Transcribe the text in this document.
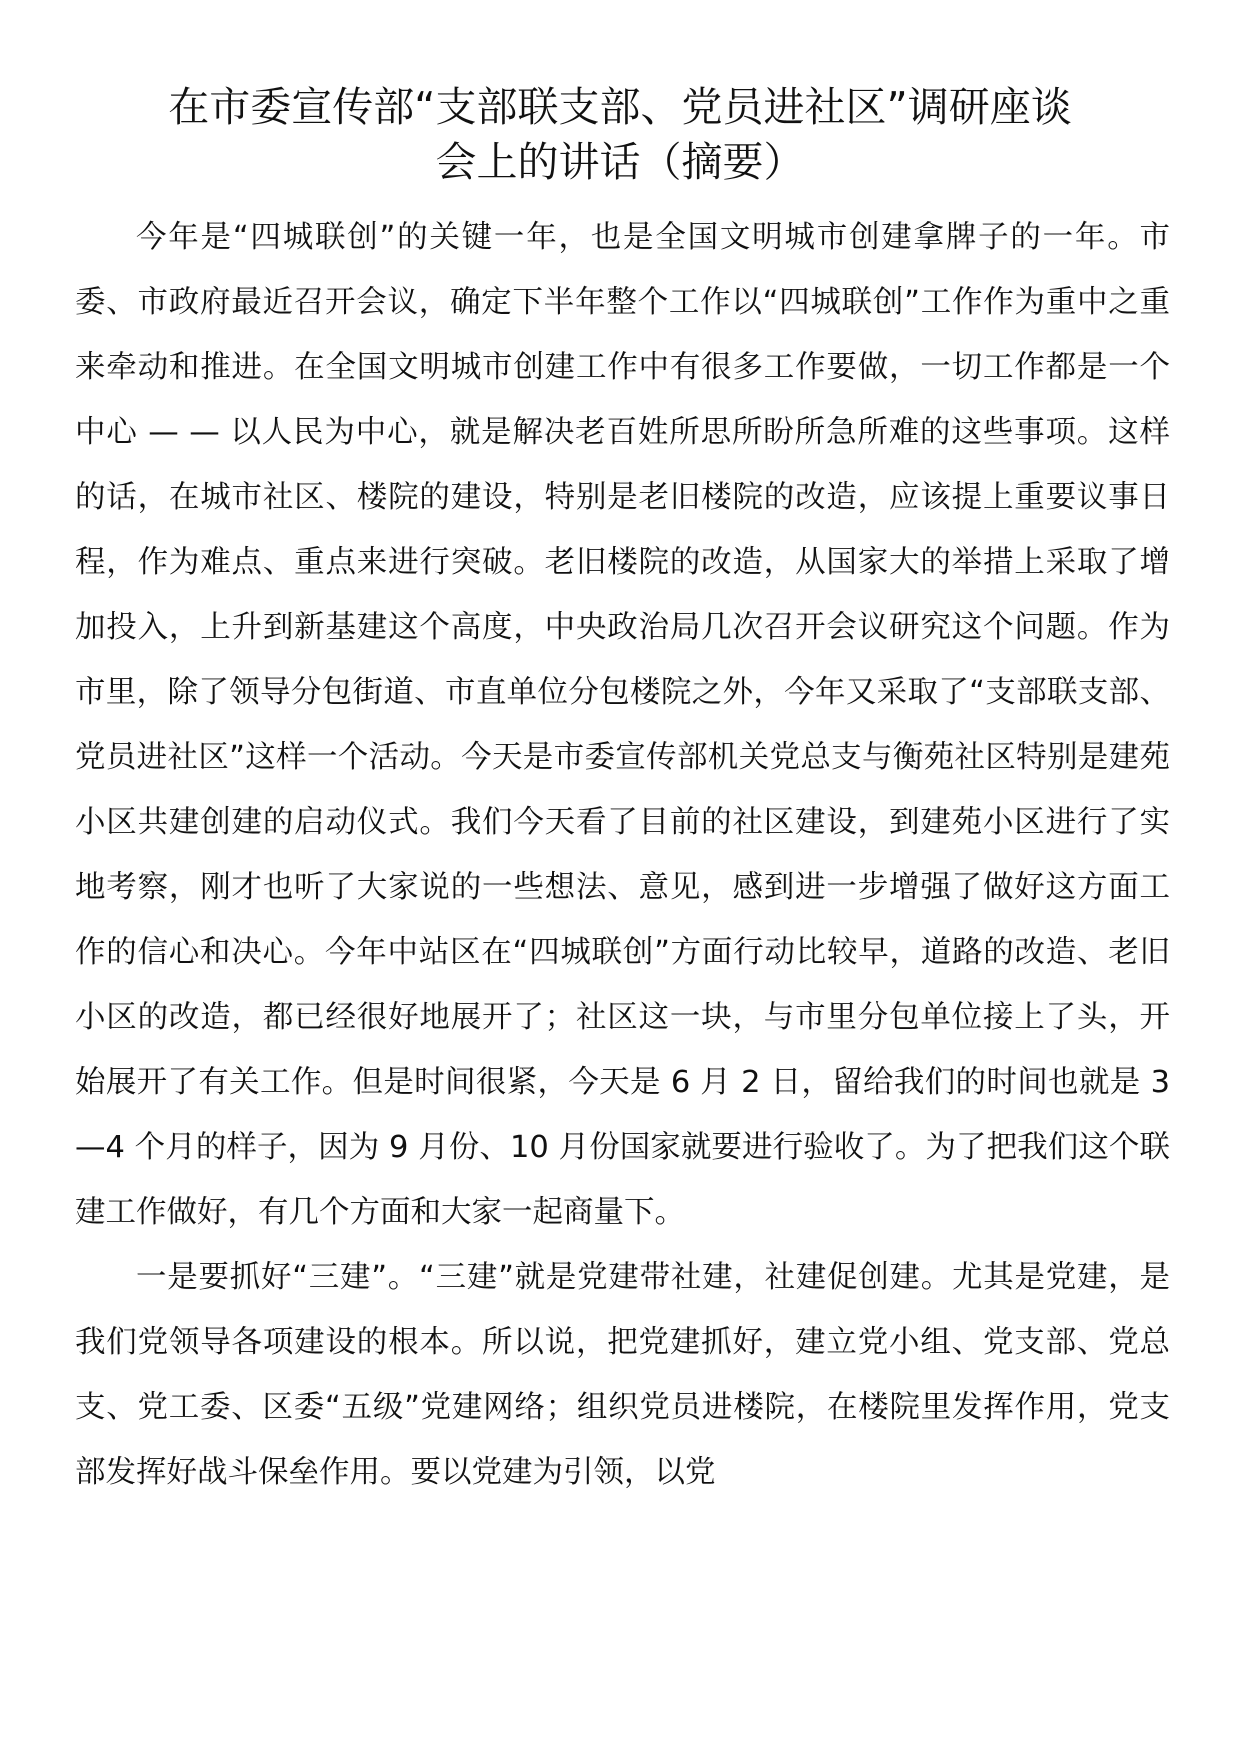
在市委宣传部“支部联支部、党员进社区”调研座谈
会上的讲话（摘要）

今年是“四城联创”的关键一年，也是全国文明城市创建拿牌子的一年。市委、市政府最近召开会议，确定下半年整个工作以“四城联创”工作作为重中之重来牵动和推进。在全国文明城市创建工作中有很多工作要做，一切工作都是一个中心 — — 以人民为中心，就是解决老百姓所思所盼所急所难的这些事项。这样的话，在城市社区、楼院的建设，特别是老旧楼院的改造，应该提上重要议事日程，作为难点、重点来进行突破。老旧楼院的改造，从国家大的举措上采取了增加投入，上升到新基建这个高度，中央政治局几次召开会议研究这个问题。作为市里，除了领导分包街道、市直单位分包楼院之外，今年又采取了“支部联支部、党员进社区”这样一个活动。今天是市委宣传部机关党总支与衡苑社区特别是建苑小区共建创建的启动仪式。我们今天看了目前的社区建设，到建苑小区进行了实地考察，刚才也听了大家说的一些想法、意见，感到进一步增强了做好这方面工作的信心和决心。今年中站区在“四城联创”方面行动比较早，道路的改造、老旧小区的改造，都已经很好地展开了；社区这一块，与市里分包单位接上了头，开始展开了有关工作。但是时间很紧，今天是 6 月 2 日，留给我们的时间也就是 3—4 个月的样子，因为 9 月份、10 月份国家就要进行验收了。为了把我们这个联建工作做好，有几个方面和大家一起商量下。

一是要抓好“三建”。“三建”就是党建带社建，社建促创建。尤其是党建，是我们党领导各项建设的根本。所以说，把党建抓好，建立党小组、党支部、党总支、党工委、区委“五级”党建网络；组织党员进楼院，在楼院里发挥作用，党支部发挥好战斗保垒作用。要以党建为引领，以党
